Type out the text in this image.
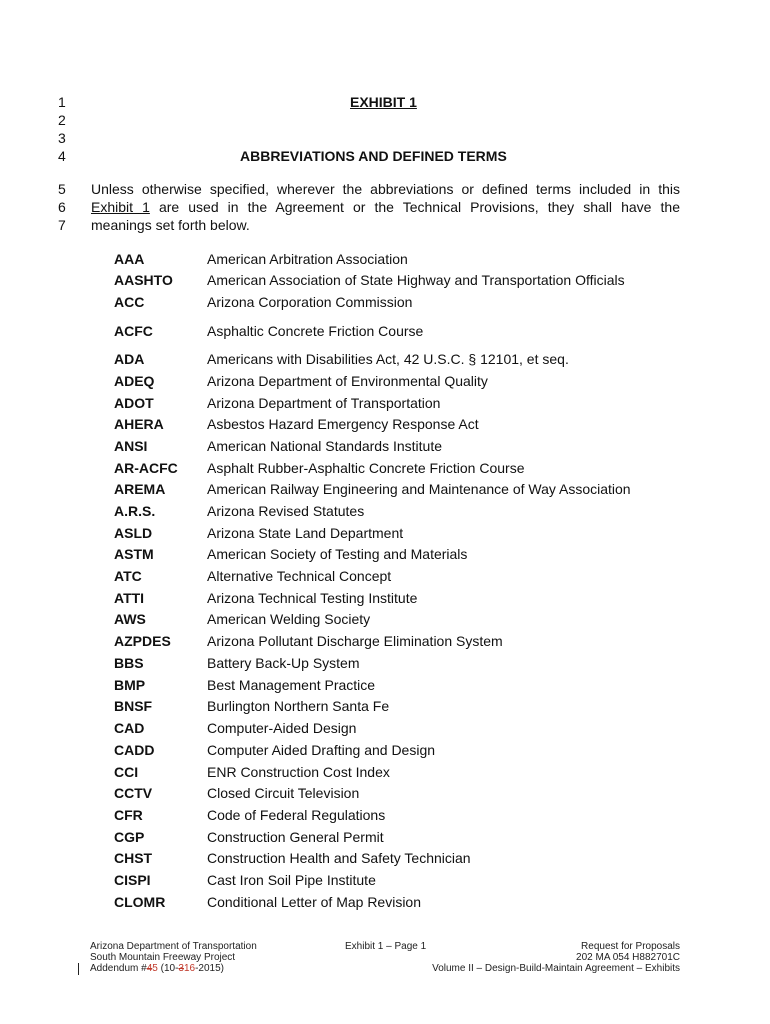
1
2
3
4
5
6
7
EXHIBIT 1
ABBREVIATIONS AND DEFINED TERMS
Unless otherwise specified, wherever the abbreviations or defined terms included in this
Exhibit 1 are used in the Agreement or the Technical Provisions, they shall have the
meanings set forth below.
AAA	American Arbitration Association
AASHTO American Association of State Highway and Transportation Officials
ACC	Arizona Corporation Commission
ACFC	Asphaltic Concrete Friction Course
ADA	Americans with Disabilities Act, 42 U.S.C. § 12101, et seq.
ADEQ	Arizona Department of Environmental Quality
ADOT	Arizona Department of Transportation
AHERA	Asbestos Hazard Emergency Response Act
ANSI	American National Standards Institute
AR-ACFC Asphalt Rubber-Asphaltic Concrete Friction Course
AREMA	American Railway Engineering and Maintenance of Way Association
A.R.S.	Arizona Revised Statutes
ASLD	Arizona State Land Department
ASTM	American Society of Testing and Materials
ATC	Alternative Technical Concept
ATTI	Arizona Technical Testing Institute
AWS	American Welding Society
AZPDES	Arizona Pollutant Discharge Elimination System
BBS	Battery Back-Up System
BMP	Best Management Practice
BNSF	Burlington Northern Santa Fe
CAD	Computer-Aided Design
CADD	Computer Aided Drafting and Design
CCI	ENR Construction Cost Index
CCTV	Closed Circuit Television
CFR	Code of Federal Regulations
CGP	Construction General Permit
CHST	Construction Health and Safety Technician
CISPI	Cast Iron Soil Pipe Institute
CLOMR	Conditional Letter of Map Revision
Arizona Department of Transportation
South Mountain Freeway Project
Addendum #45 (10-316-2015)
Exhibit 1 – Page 1	Request for Proposals
202 MA 054 H882701C
Volume II – Design-Build-Maintain Agreement – Exhibits
